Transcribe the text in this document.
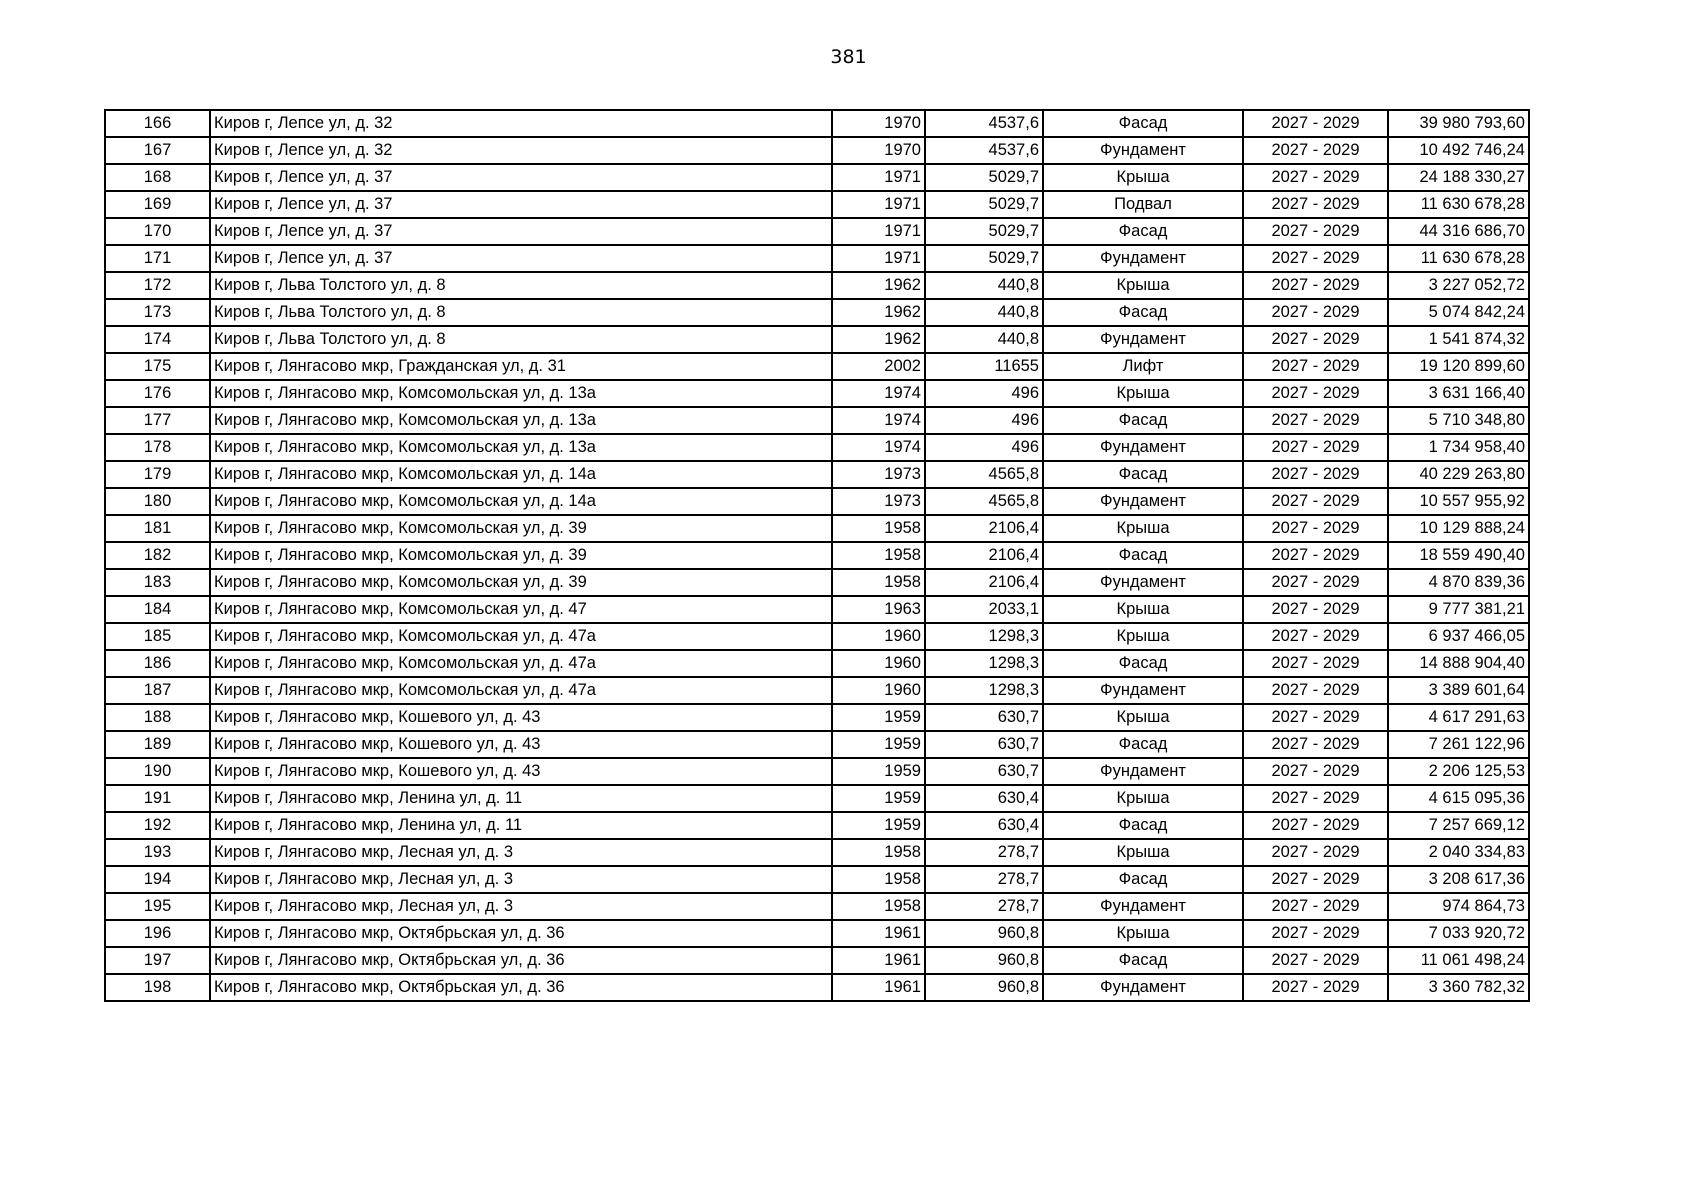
381
166	Киров г, Лепсе ул, д. 32	1970	4537,6	Фасад	2027 - 2029	39 980 793,60
167	Киров г, Лепсе ул, д. 32	1970	4537,6	Фундамент	2027 - 2029	10 492 746,24
168	Киров г, Лепсе ул, д. 37	1971	5029,7	Крыша	2027 - 2029	24 188 330,27
169	Киров г, Лепсе ул, д. 37	1971	5029,7	Подвал	2027 - 2029	11 630 678,28
170	Киров г, Лепсе ул, д. 37	1971	5029,7	Фасад	2027 - 2029	44 316 686,70
171	Киров г, Лепсе ул, д. 37	1971	5029,7	Фундамент	2027 - 2029	11 630 678,28
172	Киров г, Льва Толстого ул, д. 8	1962	440,8	Крыша	2027 - 2029	3 227 052,72
173	Киров г, Льва Толстого ул, д. 8	1962	440,8	Фасад	2027 - 2029	5 074 842,24
174	Киров г, Льва Толстого ул, д. 8	1962	440,8	Фундамент	2027 - 2029	1 541 874,32
175	Киров г, Лянгасово мкр, Гражданская ул, д. 31	2002	11655	Лифт	2027 - 2029	19 120 899,60
176	Киров г, Лянгасово мкр, Комсомольская ул, д. 13а	1974	496	Крыша	2027 - 2029	3 631 166,40
177	Киров г, Лянгасово мкр, Комсомольская ул, д. 13а	1974	496	Фасад	2027 - 2029	5 710 348,80
178	Киров г, Лянгасово мкр, Комсомольская ул, д. 13а	1974	496	Фундамент	2027 - 2029	1 734 958,40
179	Киров г, Лянгасово мкр, Комсомольская ул, д. 14а	1973	4565,8	Фасад	2027 - 2029	40 229 263,80
180	Киров г, Лянгасово мкр, Комсомольская ул, д. 14а	1973	4565,8	Фундамент	2027 - 2029	10 557 955,92
181	Киров г, Лянгасово мкр, Комсомольская ул, д. 39	1958	2106,4	Крыша	2027 - 2029	10 129 888,24
182	Киров г, Лянгасово мкр, Комсомольская ул, д. 39	1958	2106,4	Фасад	2027 - 2029	18 559 490,40
183	Киров г, Лянгасово мкр, Комсомольская ул, д. 39	1958	2106,4	Фундамент	2027 - 2029	4 870 839,36
184	Киров г, Лянгасово мкр, Комсомольская ул, д. 47	1963	2033,1	Крыша	2027 - 2029	9 777 381,21
185	Киров г, Лянгасово мкр, Комсомольская ул, д. 47а	1960	1298,3	Крыша	2027 - 2029	6 937 466,05
186	Киров г, Лянгасово мкр, Комсомольская ул, д. 47а	1960	1298,3	Фасад	2027 - 2029	14 888 904,40
187	Киров г, Лянгасово мкр, Комсомольская ул, д. 47а	1960	1298,3	Фундамент	2027 - 2029	3 389 601,64
188	Киров г, Лянгасово мкр, Кошевого ул, д. 43	1959	630,7	Крыша	2027 - 2029	4 617 291,63
189	Киров г, Лянгасово мкр, Кошевого ул, д. 43	1959	630,7	Фасад	2027 - 2029	7 261 122,96
190	Киров г, Лянгасово мкр, Кошевого ул, д. 43	1959	630,7	Фундамент	2027 - 2029	2 206 125,53
191	Киров г, Лянгасово мкр, Ленина ул, д. 11	1959	630,4	Крыша	2027 - 2029	4 615 095,36
192	Киров г, Лянгасово мкр, Ленина ул, д. 11	1959	630,4	Фасад	2027 - 2029	7 257 669,12
193	Киров г, Лянгасово мкр, Лесная ул, д. 3	1958	278,7	Крыша	2027 - 2029	2 040 334,83
194	Киров г, Лянгасово мкр, Лесная ул, д. 3	1958	278,7	Фасад	2027 - 2029	3 208 617,36
195	Киров г, Лянгасово мкр, Лесная ул, д. 3	1958	278,7	Фундамент	2027 - 2029	974 864,73
196	Киров г, Лянгасово мкр, Октябрьская ул, д. 36	1961	960,8	Крыша	2027 - 2029	7 033 920,72
197	Киров г, Лянгасово мкр, Октябрьская ул, д. 36	1961	960,8	Фасад	2027 - 2029	11 061 498,24
198	Киров г, Лянгасово мкр, Октябрьская ул, д. 36	1961	960,8	Фундамент	2027 - 2029	3 360 782,32
